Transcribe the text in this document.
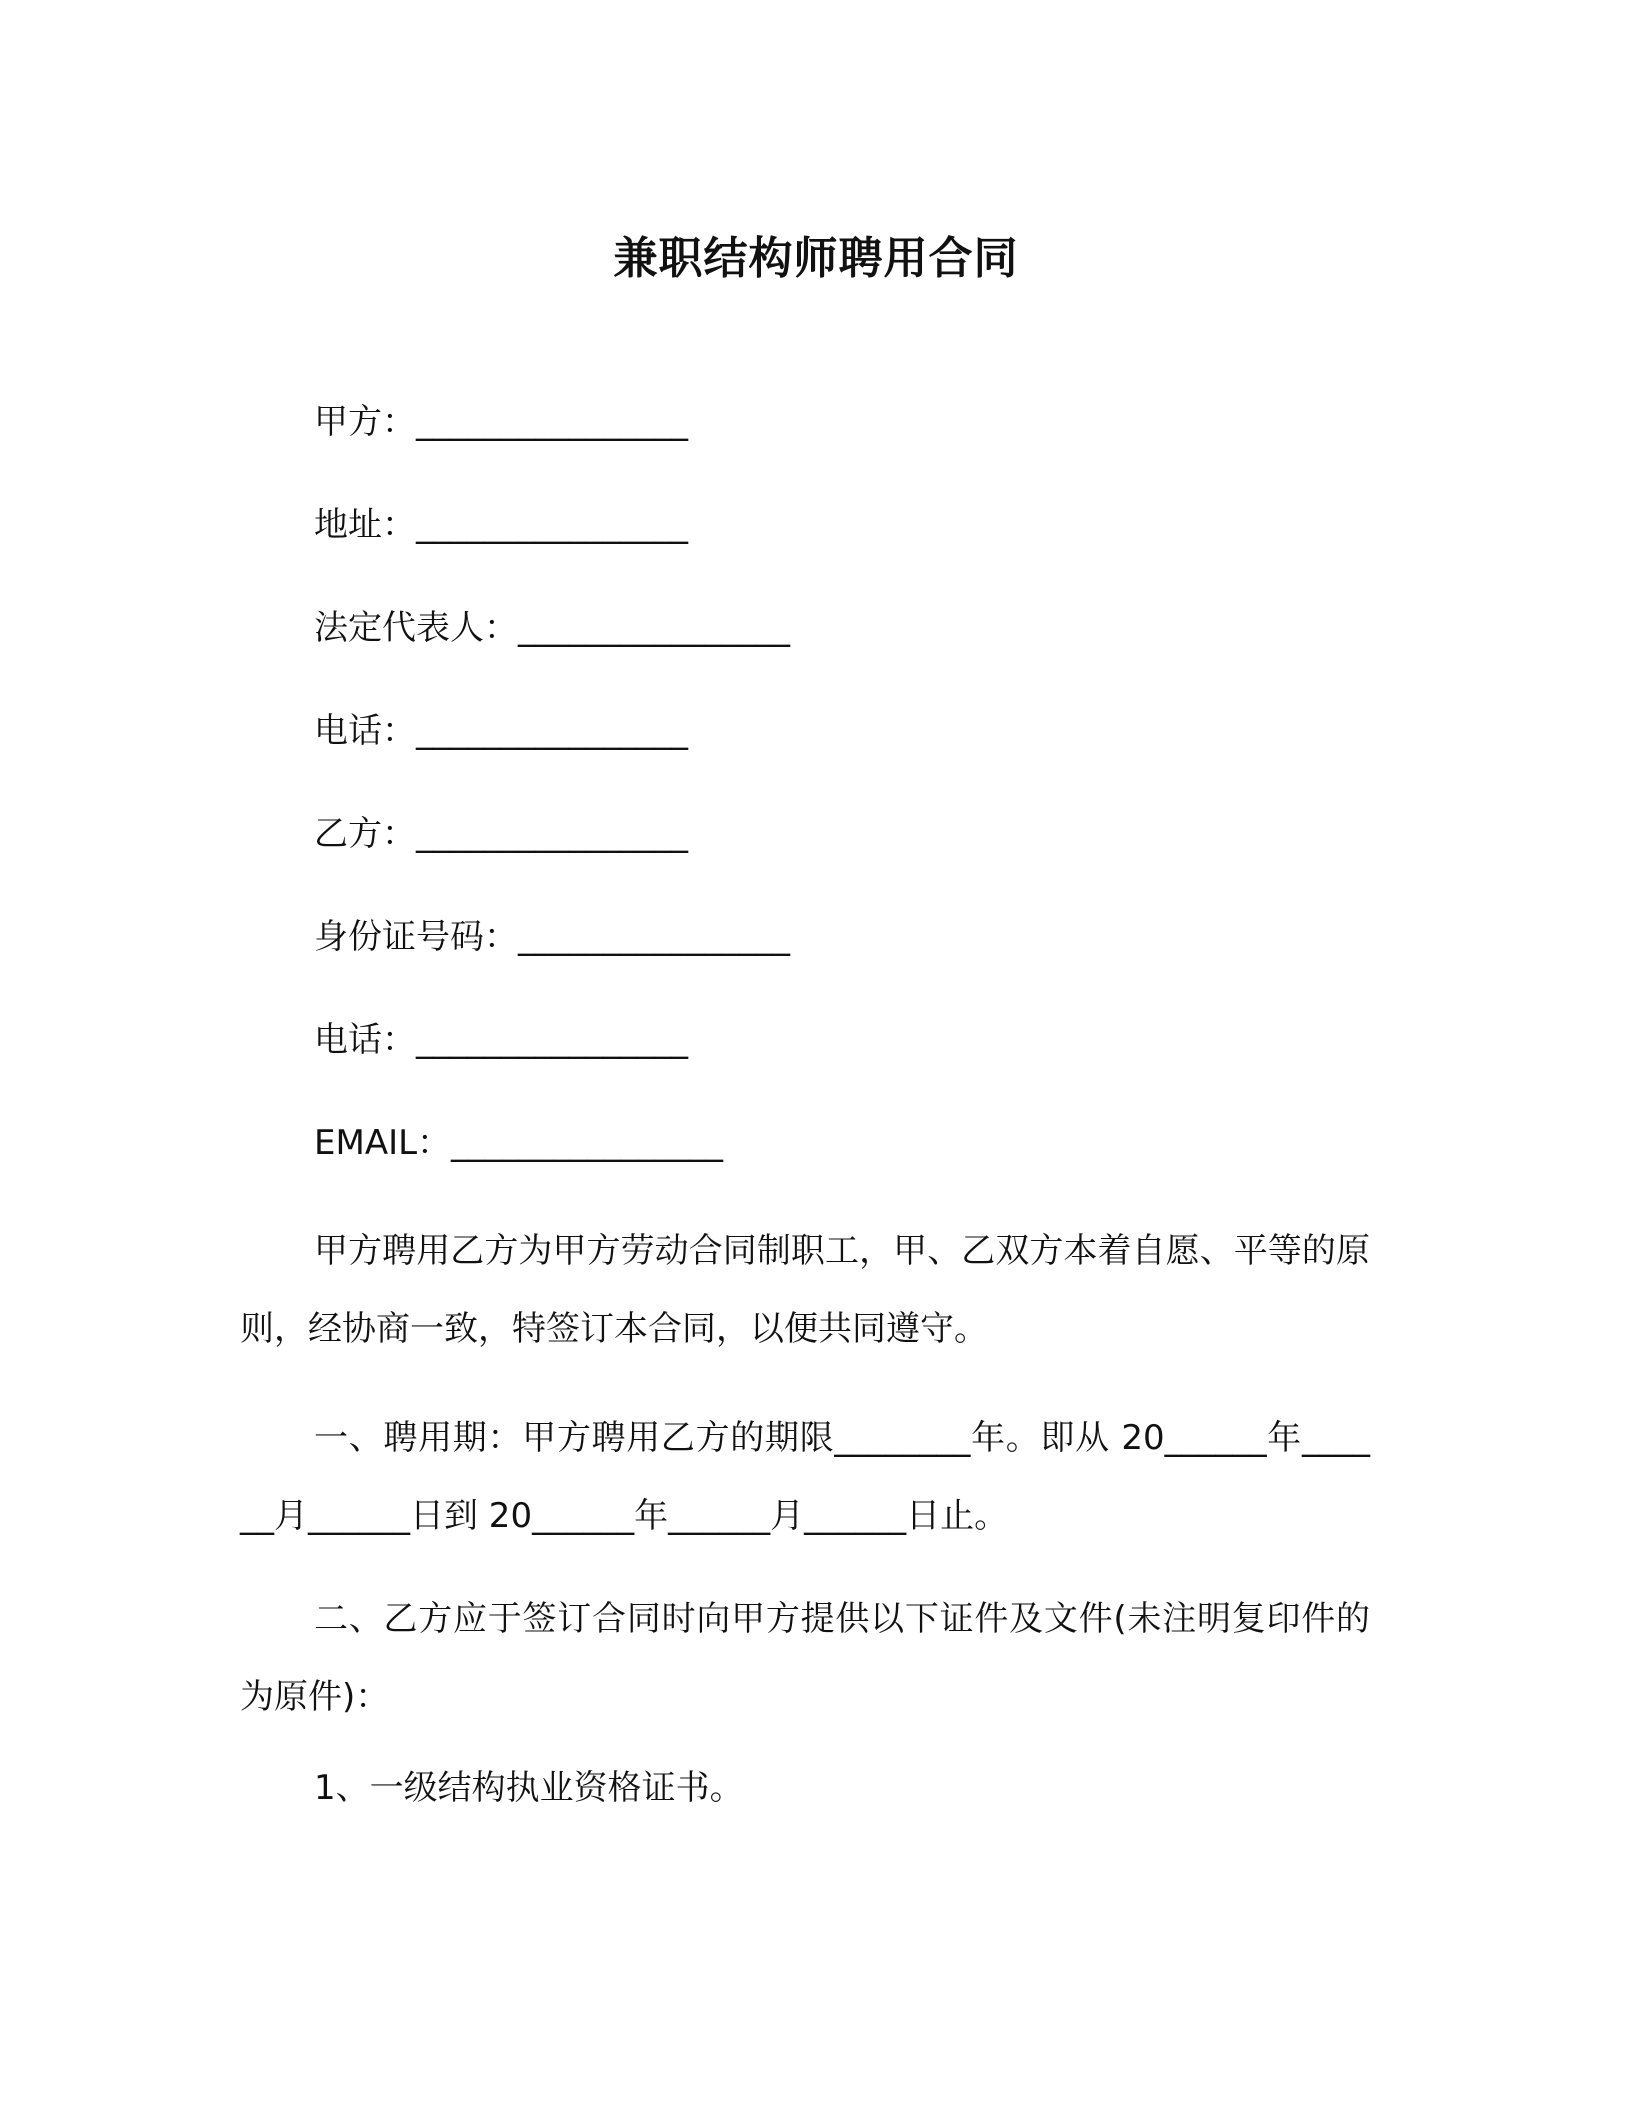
兼职结构师聘用合同
甲方：________________
地址：________________
法定代表人：________________
电话：________________
乙方：________________
身份证号码：________________
电话：________________
EMAIL：________________
甲方聘用乙方为甲方劳动合同制职工，甲、乙双方本着自愿、平等的原则，经协商一致，特签订本合同，以便共同遵守。
一、聘用期：甲方聘用乙方的期限________年。即从 20______年______月______日到 20______年______月______日止。
二、乙方应于签订合同时向甲方提供以下证件及文件(未注明复印件的为原件)：
1、一级结构执业资格证书。
